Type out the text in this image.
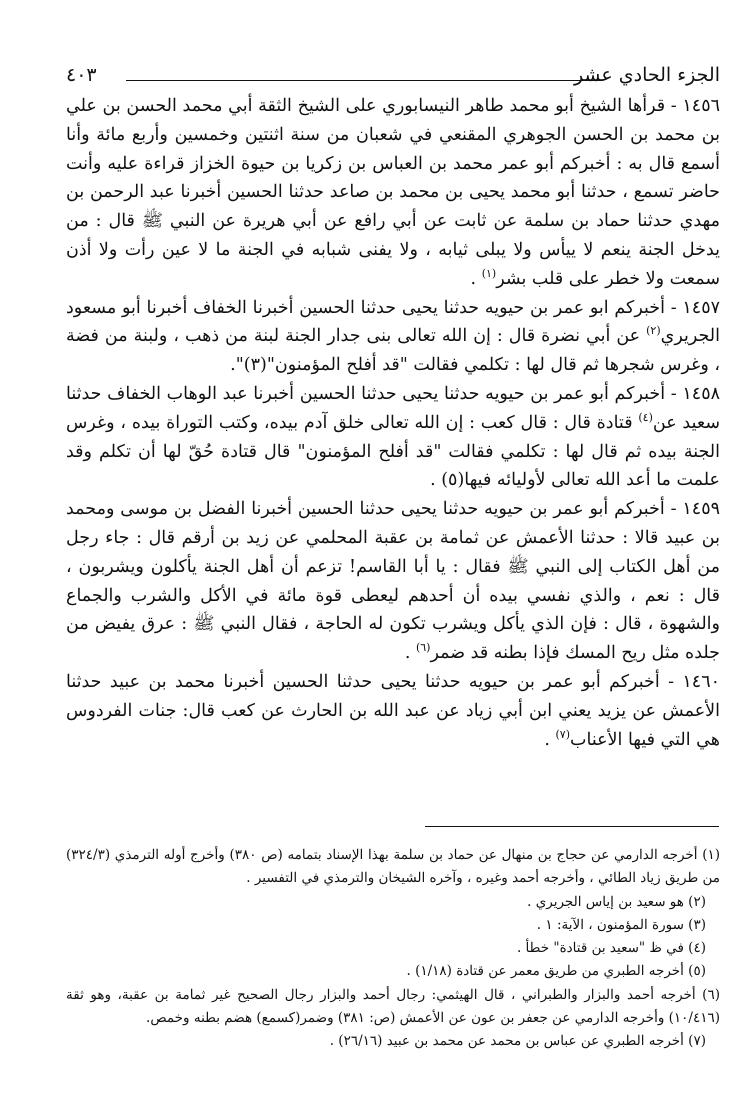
الجزء الحادي عشر
٤٠٣

١٤٥٦ - قرأها الشيخ أبو محمد طاهر النيسابوري على الشيخ الثقة أبي محمد الحسن بن علي بن محمد بن الحسن الجوهري المقنعي في شعبان من سنة اثنتين وخمسين وأربع مائة وأنا أسمع قال به : أخبركم أبو عمر محمد بن العباس بن زكريا بن حيوة الخزاز قراءة عليه وأنت حاضر تسمع ، حدثنا أبو محمد يحيى بن محمد بن صاعد حدثنا الحسين أخبرنا عبد الرحمن بن مهدي حدثنا حماد بن سلمة عن ثابت عن أبي رافع عن أبي هريرة عن النبي ﷺ قال : من يدخل الجنة ينعم لا ييأس ولا يبلى ثيابه ، ولا يفنى شبابه في الجنة ما لا عين رأت ولا أذن سمعت ولا خطر على قلب بشر$^{(١)}$ .

١٤٥٧ - أخبركم ابو عمر بن حيويه حدثنا يحيى حدثنا الحسين أخبرنا الخفاف أخبرنا أبو مسعود الجريري$^{(٢)}$ عن أبي نضرة قال : إن الله تعالى بنى جدار الجنة لبنة من ذهب ، ولبنة من فضة ، وغرس شجرها ثم قال لها : تكلمي فقالت "قد أفلح المؤمنون"(٣)".

١٤٥٨ - أخبركم أبو عمر بن حيويه حدثنا يحيى حدثنا الحسين أخبرنا عبد الوهاب الخفاف حدثنا سعيد عن$^{(٤)}$ قتادة قال : قال كعب : إن الله تعالى خلق آدم بيده، وكتب التوراة بيده ، وغرس الجنة بيده ثم قال لها : تكلمي فقالت "قد أفلح المؤمنون" قال قتادة حُقّ لها أن تكلم وقد علمت ما أعد الله تعالى لأوليائه فيها(٥) .

١٤٥٩ - أخبركم أبو عمر بن حيويه حدثنا يحيى حدثنا الحسين أخبرنا الفضل بن موسى ومحمد بن عبيد قالا : حدثنا الأعمش عن ثمامة بن عقبة المحلمي عن زيد بن أرقم قال : جاء رجل من أهل الكتاب إلى النبي ﷺ فقال : يا أبا القاسم! تزعم أن أهل الجنة يأكلون ويشربون ، قال : نعم ، والذي نفسي بيده أن أحدهم ليعطى قوة مائة في الأكل والشرب والجماع والشهوة ، قال : فإن الذي يأكل ويشرب تكون له الحاجة ، فقال النبي ﷺ : عرق يفيض من جلده مثل ريح المسك فإذا بطنه قد ضمر$^{(٦)}$ .

١٤٦٠ - أخبركم أبو عمر بن حيويه حدثنا يحيى حدثنا الحسين أخبرنا محمد بن عبيد حدثنا الأعمش عن يزيد يعني ابن أبي زياد عن عبد الله بن الحارث عن كعب قال: جنات الفردوس هي التي فيها الأعناب$^{(٧)}$ .

(١) أخرجه الدارمي عن حجاج بن منهال عن حماد بن سلمة بهذا الإسناد بتمامه (ص ٣٨٠) وأخرج أوله الترمذي (٣٢٤/٣) من طريق زياد الطائي ، وأخرجه أحمد وغيره ، وآخره الشيخان والترمذي في التفسير .

(٢) هو سعيد بن إياس الجريري .

(٣) سورة المؤمنون ، الآية: ١ .

(٤) في ظ "سعيد بن قتادة" خطأ .

(٥) أخرجه الطبري من طريق معمر عن قتادة (١/١٨) .

(٦) أخرجه أحمد والبزار والطبراني ، قال الهيثمي: رجال أحمد والبزار رجال الصحيح غير ثمامة بن عقبة، وهو ثقة (١٠/٤١٦) وأخرجه الدارمي عن جعفر بن عون عن الأعمش (ص: ٣٨١) وضمر(كسمع) هضم بطنه وخمص.

(٧) أخرجه الطبري عن عباس بن محمد عن محمد بن عبيد (٢٦/١٦) .
